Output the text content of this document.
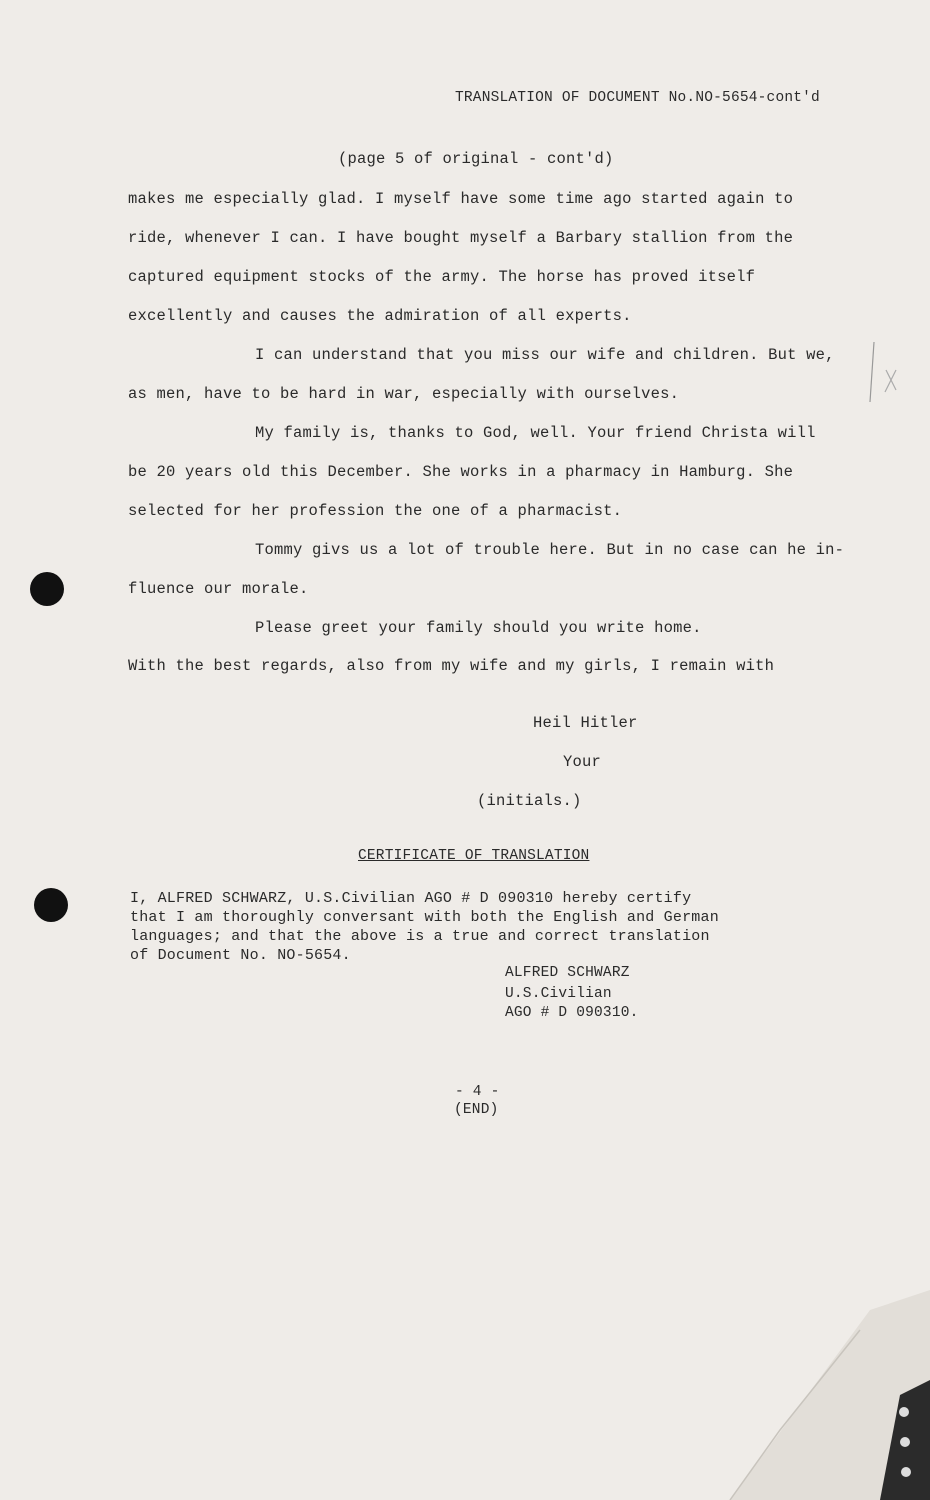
TRANSLATION OF DOCUMENT No.NO-5654-cont'd
(page 5 of original - cont'd)
makes me especially glad. I myself have some time ago started again to
ride, whenever I can. I have bought myself a Barbary stallion from the
captured equipment stocks of the army. The horse has proved itself
excellently and causes the admiration of all experts.
I can understand that you miss our wife and children. But we,
as men, have to be hard in war, especially with ourselves.
My family is, thanks to God, well. Your friend Christa will
be 20 years old this December. She works in a pharmacy in Hamburg. She
selected for her profession the one of a pharmacist.
Tommy givs us a lot of trouble here. But in no case can he in-
fluence our morale.
Please greet your family should you write home.
With the best regards, also from my wife and my girls, I remain with
Heil Hitler
Your
(initials.)
CERTIFICATE OF TRANSLATION
I, ALFRED SCHWARZ, U.S.Civilian AGO # D 090310 hereby certify
that I am thoroughly conversant with both the English and German
languages; and that the above is a true and correct translation
of Document No. NO-5654.
ALFRED SCHWARZ
U.S.Civilian
AGO # D 090310.
- 4 -
(END)
